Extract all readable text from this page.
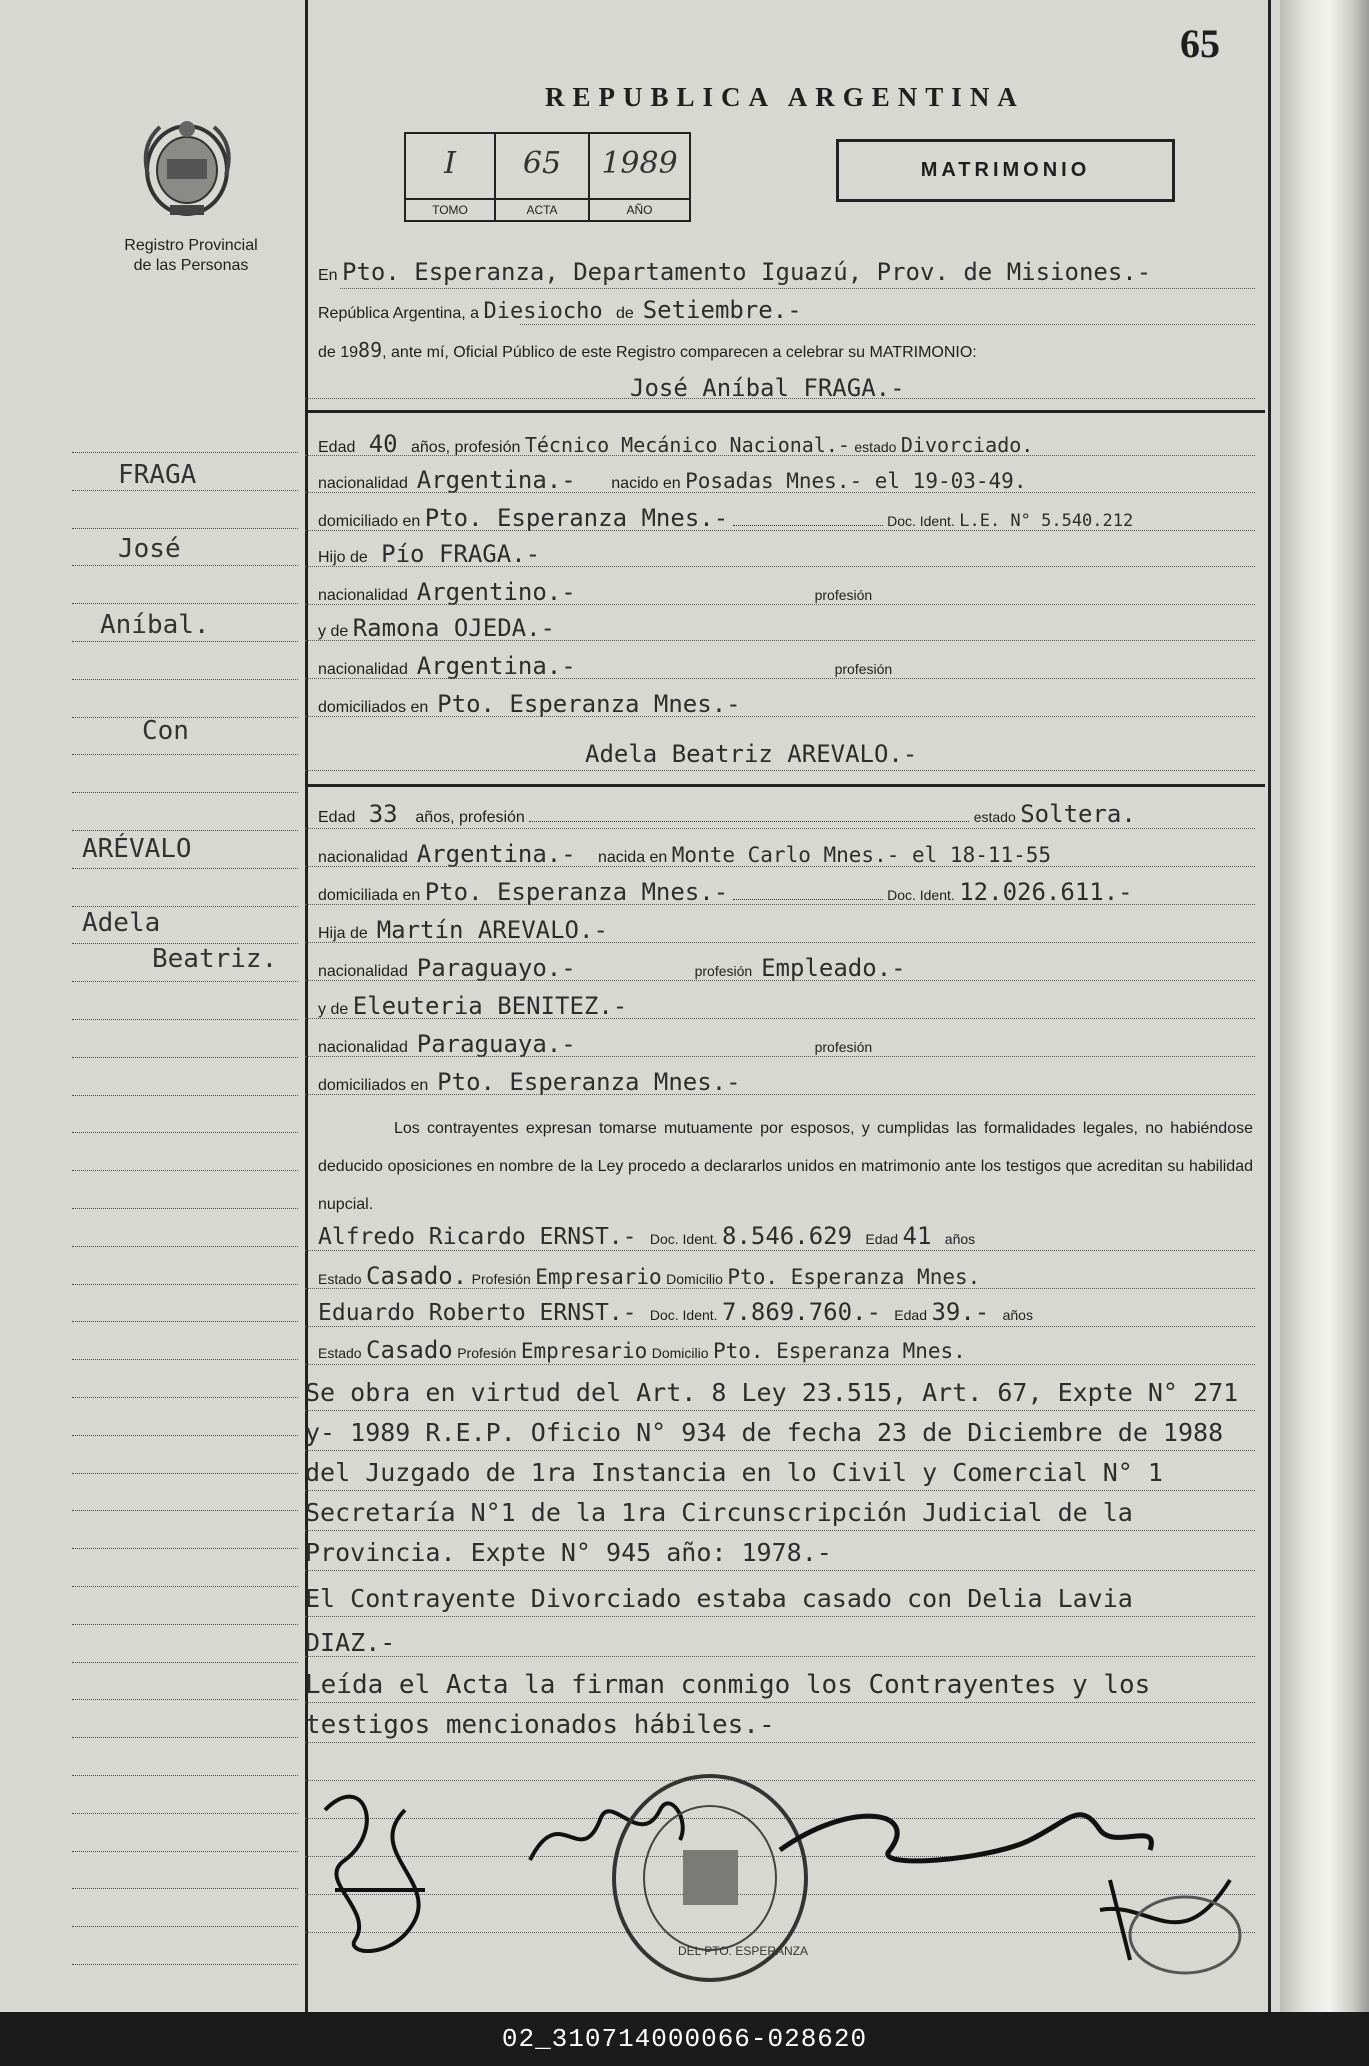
65
REPUBLICA ARGENTINA
I
TOMO
65
ACTA
1989
AÑO
MATRIMONIO
Registro Provincial
de las Personas
FRAGA
José
Aníbal.
Con
ARÉVALO
Adela
Beatriz.
En Pto. Esperanza, Departamento Iguazú, Prov. de Misiones.-
República Argentina, a Diesiocho de Setiembre.-
de 1989, ante mí, Oficial Público de este Registro comparecen a celebrar su MATRIMONIO:
José Aníbal FRAGA.-
Edad 40 años, profesión Técnico Mecánico Nacional.- estado Divorciado.
nacionalidad Argentina.- nacido en Posadas Mnes.- el 19-03-49.
domiciliado en Pto. Esperanza Mnes.-	Doc. Ident. L.E. N° 5.540.212
Hijo de Pío FRAGA.-
nacionalidad Argentino.-	profesión
y de Ramona OJEDA.-
nacionalidad Argentina.-	profesión
domiciliados en Pto. Esperanza Mnes.-
Adela Beatriz AREVALO.-
Edad 33 años, profesión	estado Soltera.
nacionalidad Argentina.- nacida en Monte Carlo Mnes.- el 18-11-55
domiciliada en Pto. Esperanza Mnes.-	Doc. Ident. 12.026.611.-
Hija de Martín AREVALO.-
nacionalidad Paraguayo.-	profesión Empleado.-
y de Eleuteria BENITEZ.-
nacionalidad Paraguaya.-	profesión
domiciliados en Pto. Esperanza Mnes.-
Los contrayentes expresan tomarse mutuamente por esposos, y cumplidas las formalidades legales, no habiéndose deducido oposiciones en nombre de la Ley procedo a declararlos unidos en matrimonio ante los testigos que acreditan su habilidad nupcial.
Alfredo Ricardo ERNST.- Doc. Ident. 8.546.629 Edad 41 años
Estado Casado. Profesión Empresario Domicilio Pto. Esperanza Mnes.
Eduardo Roberto ERNST.- Doc. Ident. 7.869.760.- Edad 39.- años
Estado Casado Profesión Empresario Domicilio Pto. Esperanza Mnes.
Se obra en virtud del Art. 8 Ley 23.515, Art. 67, Expte N° 271
y- 1989 R.E.P. Oficio N° 934 de fecha 23 de Diciembre de 1988
del Juzgado de 1ra Instancia en lo Civil y Comercial N° 1
Secretaría N°1 de la 1ra Circunscripción Judicial de la
Provincia. Expte N° 945 año: 1978.-
El Contrayente Divorciado estaba casado con Delia Lavia
DIAZ.-
Leída el Acta la firman conmigo los Contrayentes y los
testigos mencionados hábiles.-
DEL PTO. ESPERANZA
02_310714000066-028620
